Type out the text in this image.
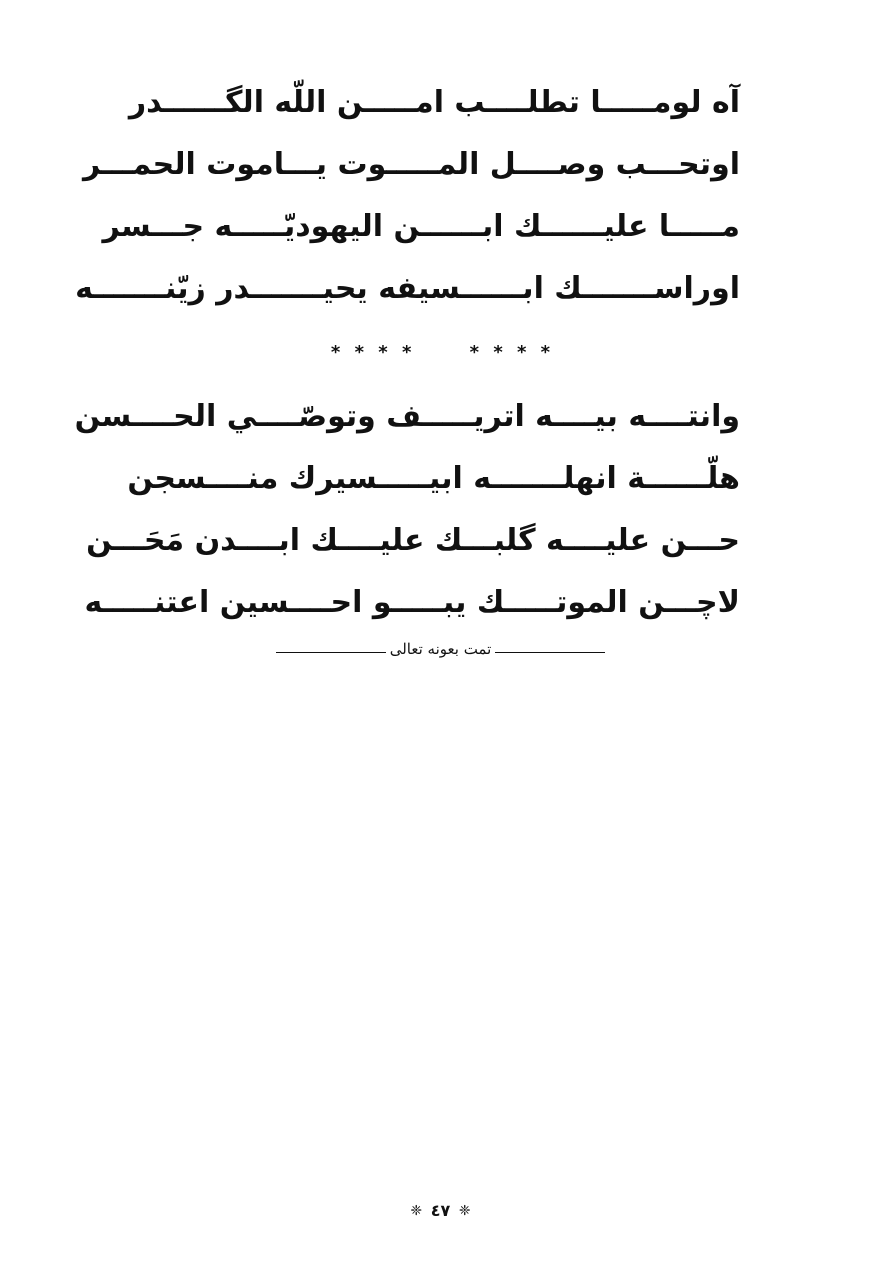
آه لومـــــا تطلــــب امـــــن اللّه الگــــــدر
اوتحـــب وصــــل المـــــوت يـــاموت الحمـــر
مـــــا عليــــــك ابــــــن اليهوديّـــــه جـــسر
اوراســـــــك ابــــــسيفه يحيـــــــدر زيّنـــــــه
* * * *	* * * *
وانتــــه بيــــه اتريـــــف وتوصّــــي الحــــسن
هلّــــــة انهلـــــــه ابيـــــسيرك منــــسجن
حـــن عليــــه گلبـــك عليــــك ابــــدن مَحَـــن
لاچـــن الموتـــــك يبـــــو احــــسين اعتنـــــه
تمت بعونه تعالى
❈ ٤٧ ❈
